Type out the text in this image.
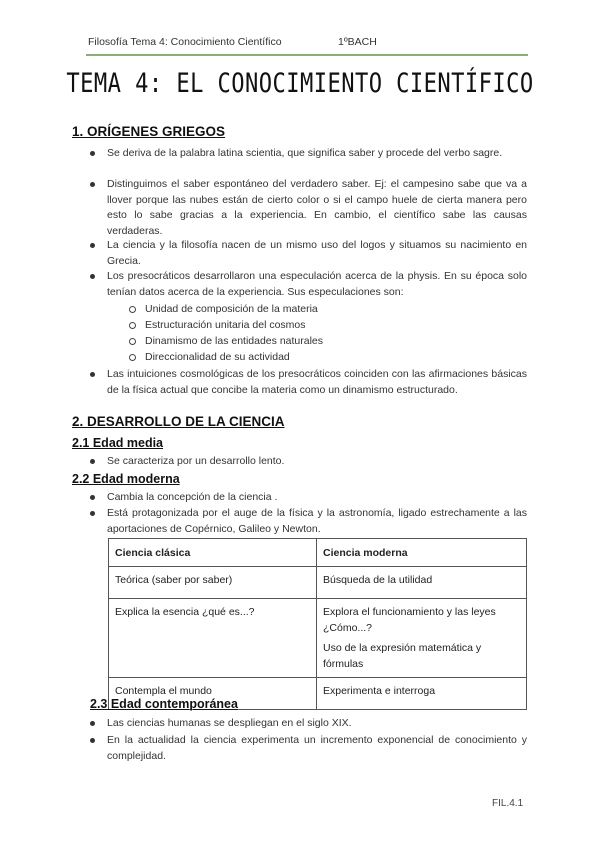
Filosofía Tema 4: Conocimiento Científico	1ºBACH
TEMA 4: EL CONOCIMIENTO CIENTÍFICO
1. ORÍGENES GRIEGOS
Se deriva de la palabra latina scientia, que significa saber y procede del verbo sagre.
Distinguimos el saber espontáneo del verdadero saber. Ej: el campesino sabe que va a llover porque las nubes están de cierto color o si el campo huele de cierta manera pero esto lo sabe gracias a la experiencia. En cambio, el científico sabe las causas verdaderas.
La ciencia y la filosofía nacen de un mismo uso del logos y situamos su nacimiento en Grecia.
Los presocráticos desarrollaron una especulación acerca de la physis. En su época solo tenían datos acerca de la experiencia. Sus especulaciones son:
Unidad de composición de la materia
Estructuración unitaria del cosmos
Dinamismo de las entidades naturales
Direccionalidad de su actividad
Las intuiciones cosmológicas de los presocráticos coinciden con las afirmaciones básicas de la física actual que concibe la materia como un dinamismo estructurado.
2. DESARROLLO DE LA CIENCIA
2.1 Edad media
Se caracteriza por un desarrollo lento.
2.2 Edad moderna
Cambia la concepción de la ciencia .
Está protagonizada por el auge de la física y la astronomía, ligado estrechamente a las aportaciones de Copérnico, Galileo y Newton.
Ciencia clásica	Ciencia moderna
Teórica (saber por saber)	Búsqueda de la utilidad

Explica la esencia ¿qué es...?	Explora el funcionamiento y las leyes ¿Cómo...?
Uso de la expresión matemática y fórmulas

Contempla el mundo	Experimenta e interroga
2.3 Edad contemporánea
Las ciencias humanas se despliegan en el siglo XIX.
En la actualidad la ciencia experimenta un incremento exponencial de conocimiento y complejidad.
FIL.4.1
